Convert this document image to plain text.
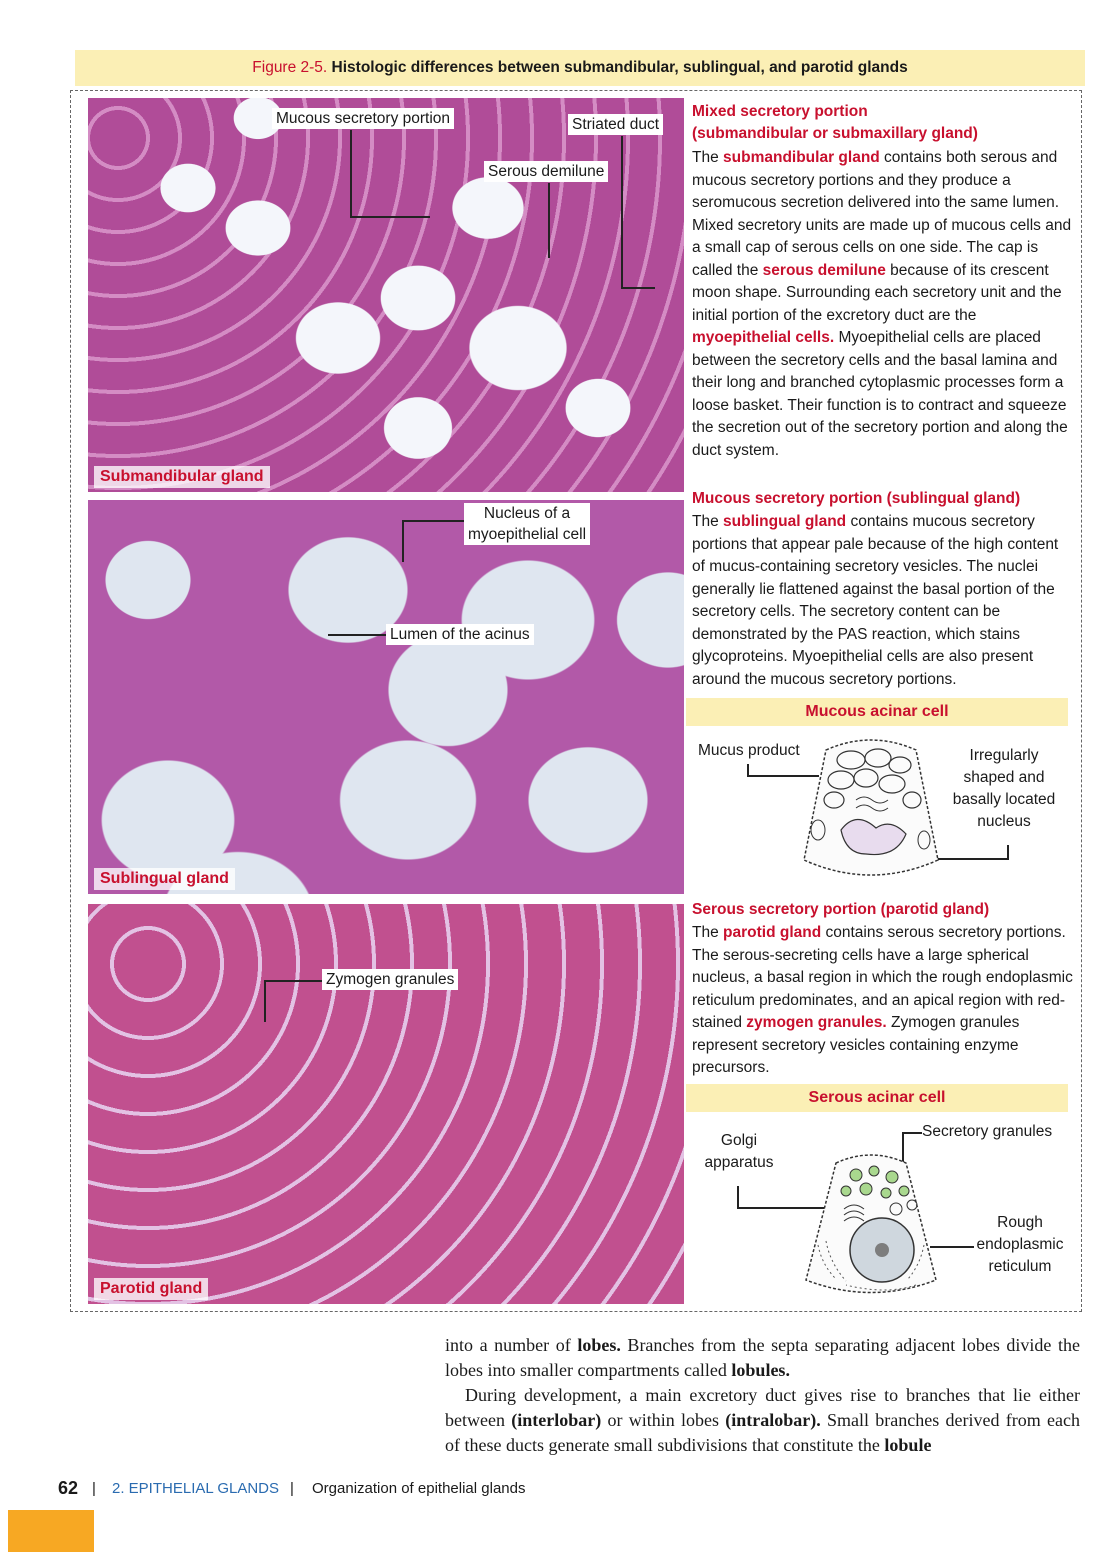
Figure 2-5. Histologic differences between submandibular, sublingual, and parotid glands
Submandibular gland
Mucous secretory portion	Striated duct
Serous demilune
Sublingual gland
Nucleus of a
myoepithelial cell
Lumen of the acinus
Parotid gland
Zymogen granules
Mixed secretory portion
(submandibular or submaxillary gland)
The submandibular gland contains both serous and mucous secretory portions and they produce a seromucous secretion delivered into the same lumen. Mixed secretory units are made up of mucous cells and a small cap of serous cells on one side. The cap is called the serous demilune because of its crescent moon shape. Surrounding each secretory unit and the initial portion of the excretory duct are the myoepithelial cells. Myoepithelial cells are placed between the secretory cells and the basal lamina and their long and branched cytoplasmic processes form a loose basket. Their function is to contract and squeeze the secretion out of the secretory portion and along the duct system.
Mucous secretory portion (sublingual gland)
The sublingual gland contains mucous secretory portions that appear pale because of the high content of mucus-containing secretory vesicles. The nuclei generally lie flattened against the basal portion of the secretory cells. The secretory content can be demonstrated by the PAS reaction, which stains glycoproteins. Myoepithelial cells are also present around the mucous secretory portions.
Mucous acinar cell
Mucus product	Irregularly
shaped and
basally located
nucleus
Serous secretory portion (parotid gland)
The parotid gland contains serous secretory portions. The serous-secreting cells have a large spherical nucleus, a basal region in which the rough endoplasmic reticulum predominates, and an apical region with red-stained zymogen granules. Zymogen granules represent secretory vesicles containing enzyme precursors.
Serous acinar cell
Golgi
apparatus
Secretory granules
Rough
endoplasmic
reticulum
into a number of lobes. Branches from the septa separating adjacent lobes divide the lobes into smaller compartments called lobules.
During development, a main excretory duct gives rise to branches that lie either between (interlobar) or within lobes (intralobar). Small branches derived from each of these ducts generate small subdivisions that constitute the lobule
62 | 2. EPITHELIAL GLANDS | Organization of epithelial glands
